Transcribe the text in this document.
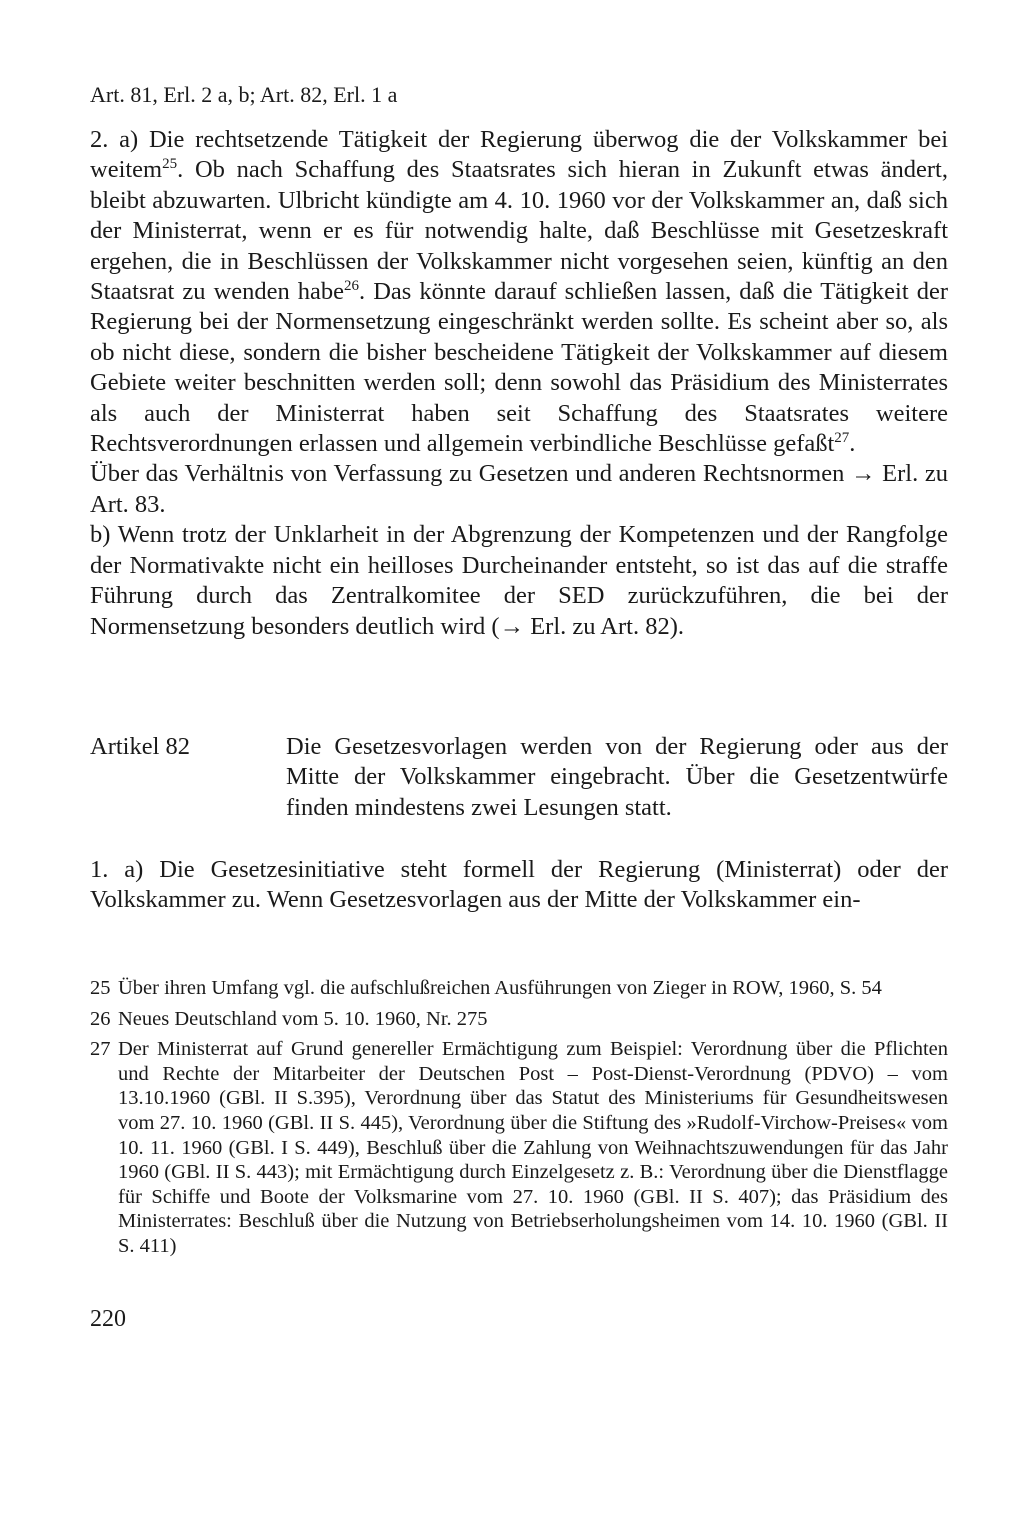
Art. 81, Erl. 2 a, b; Art. 82, Erl. 1 a

2. a) Die rechtsetzende Tätigkeit der Regierung überwog die der Volkskammer bei weitem$^{25}$. Ob nach Schaffung des Staatsrates sich hieran in Zukunft etwas ändert, bleibt abzuwarten. Ulbricht kündigte am 4. 10. 1960 vor der Volkskammer an, daß sich der Ministerrat, wenn er es für notwendig halte, daß Beschlüsse mit Gesetzeskraft ergehen, die in Beschlüssen der Volkskammer nicht vorgesehen seien, künftig an den Staatsrat zu wenden habe$^{26}$. Das könnte darauf schließen lassen, daß die Tätigkeit der Regierung bei der Normensetzung eingeschränkt werden sollte. Es scheint aber so, als ob nicht diese, sondern die bisher bescheidene Tätigkeit der Volkskammer auf diesem Gebiete weiter beschnitten werden soll; denn sowohl das Präsidium des Ministerrates als auch der Ministerrat haben seit Schaffung des Staatsrates weitere Rechtsverordnungen erlassen und allgemein verbindliche Beschlüsse gefaßt$^{27}$.

Über das Verhältnis von Verfassung zu Gesetzen und anderen Rechtsnormen → Erl. zu Art. 83.

b) Wenn trotz der Unklarheit in der Abgrenzung der Kompetenzen und der Rangfolge der Normativakte nicht ein heilloses Durcheinander entsteht, so ist das auf die straffe Führung durch das Zentralkomitee der SED zurückzuführen, die bei der Normensetzung besonders deutlich wird (→ Erl. zu Art. 82).

Artikel 82	Die Gesetzesvorlagen werden von der Regierung oder aus der Mitte der Volkskammer eingebracht. Über die Gesetzentwürfe finden mindestens zwei Lesungen statt.

1. a) Die Gesetzesinitiative steht formell der Regierung (Ministerrat) oder der Volkskammer zu. Wenn Gesetzesvorlagen aus der Mitte der Volkskammer ein-

25 Über ihren Umfang vgl. die aufschlußreichen Ausführungen von Zieger in ROW, 1960, S. 54

26 Neues Deutschland vom 5. 10. 1960, Nr. 275

27 Der Ministerrat auf Grund genereller Ermächtigung zum Beispiel: Verordnung über die Pflichten und Rechte der Mitarbeiter der Deutschen Post – Post-Dienst-Verordnung (PDVO) – vom 13.10.1960 (GBl. II S.395), Verordnung über das Statut des Ministeriums für Gesundheitswesen vom 27. 10. 1960 (GBl. II S. 445), Verordnung über die Stiftung des »Rudolf-Virchow-Preises« vom 10. 11. 1960 (GBl. I S. 449), Beschluß über die Zahlung von Weihnachtszuwendungen für das Jahr 1960 (GBl. II S. 443); mit Ermächtigung durch Einzelgesetz z. B.: Verordnung über die Dienstflagge für Schiffe und Boote der Volksmarine vom 27. 10. 1960 (GBl. II S. 407); das Präsidium des Ministerrates: Beschluß über die Nutzung von Betriebserholungsheimen vom 14. 10. 1960 (GBl. II S. 411)

220
